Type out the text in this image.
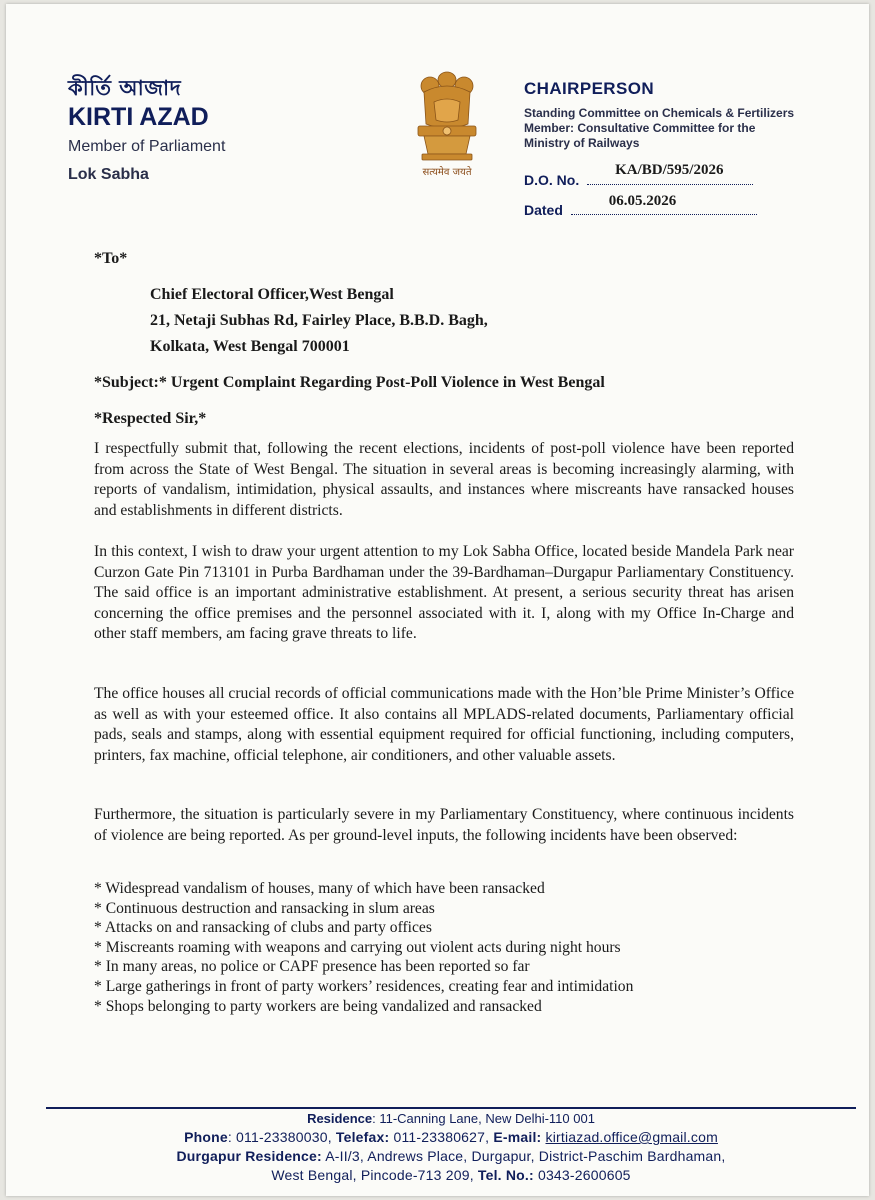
কীর্তি আজাদ
KIRTI AZAD
Member of Parliament
Lok Sabha	सत्यमेव जयते
CHAIRPERSON
Standing Committee on Chemicals & Fertilizers
Member: Consultative Committee for the
Ministry of Railways
D.O. No.
KA/BD/595/2026
Dated
06.05.2026
*To*
Chief Electoral Officer,West Bengal
21, Netaji Subhas Rd, Fairley Place, B.B.D. Bagh,
Kolkata, West Bengal 700001
*Subject:* Urgent Complaint Regarding Post-Poll Violence in West Bengal
*Respected Sir,*

I respectfully submit that, following the recent elections, incidents of post-poll violence have been reported from across the State of West Bengal. The situation in several areas is becoming increasingly alarming, with reports of vandalism, intimidation, physical assaults, and instances where miscreants have ransacked houses and establishments in different districts.

In this context, I wish to draw your urgent attention to my Lok Sabha Office, located beside Mandela Park near Curzon Gate Pin 713101 in Purba Bardhaman under the 39-Bardhaman–Durgapur Parliamentary Constituency. The said office is an important administrative establishment. At present, a serious security threat has arisen concerning the office premises and the personnel associated with it. I, along with my Office In-Charge and other staff members, am facing grave threats to life.

The office houses all crucial records of official communications made with the Hon’ble Prime Minister’s Office as well as with your esteemed office. It also contains all MPLADS-related documents, Parliamentary official pads, seals and stamps, along with essential equipment required for official functioning, including computers, printers, fax machine, official telephone, air conditioners, and other valuable assets.

Furthermore, the situation is particularly severe in my Parliamentary Constituency, where continuous incidents of violence are being reported. As per ground-level inputs, the following incidents have been observed:

* Widespread vandalism of houses, many of which have been ransacked
* Continuous destruction and ransacking in slum areas
* Attacks on and ransacking of clubs and party offices
* Miscreants roaming with weapons and carrying out violent acts during night hours
* In many areas, no police or CAPF presence has been reported so far
* Large gatherings in front of party workers’ residences, creating fear and intimidation
* Shops belonging to party workers are being vandalized and ransacked
Residence: 11-Canning Lane, New Delhi-110 001
Phone: 011-23380030, Telefax: 011-23380627, E-mail: kirtiazad.office@gmail.com
Durgapur Residence: A-II/3, Andrews Place, Durgapur, District-Paschim Bardhaman,
West Bengal, Pincode-713 209, Tel. No.: 0343-2600605
